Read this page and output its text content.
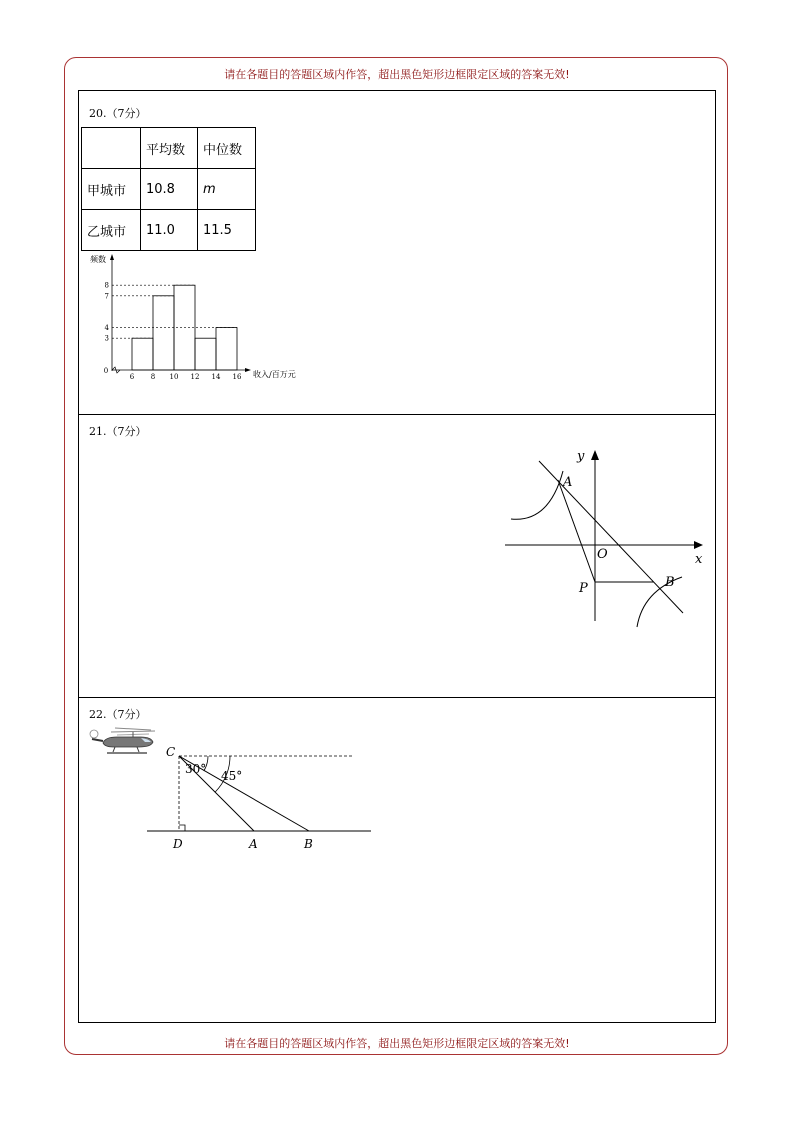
请在各题目的答题区域内作答，超出黑色矩形边框限定区域的答案无效!
20.（7分）
	平均数	中位数
甲城市	10.8	m
乙城市	11.0	11.5
频数
收入/百万元
0
6 8 10 12 14 16
3
4
7
8
21.（7分）
A
B
P
O	x
y
22.（7分）
30° 45°
C
D	A	B
请在各题目的答题区域内作答，超出黑色矩形边框限定区域的答案无效!
